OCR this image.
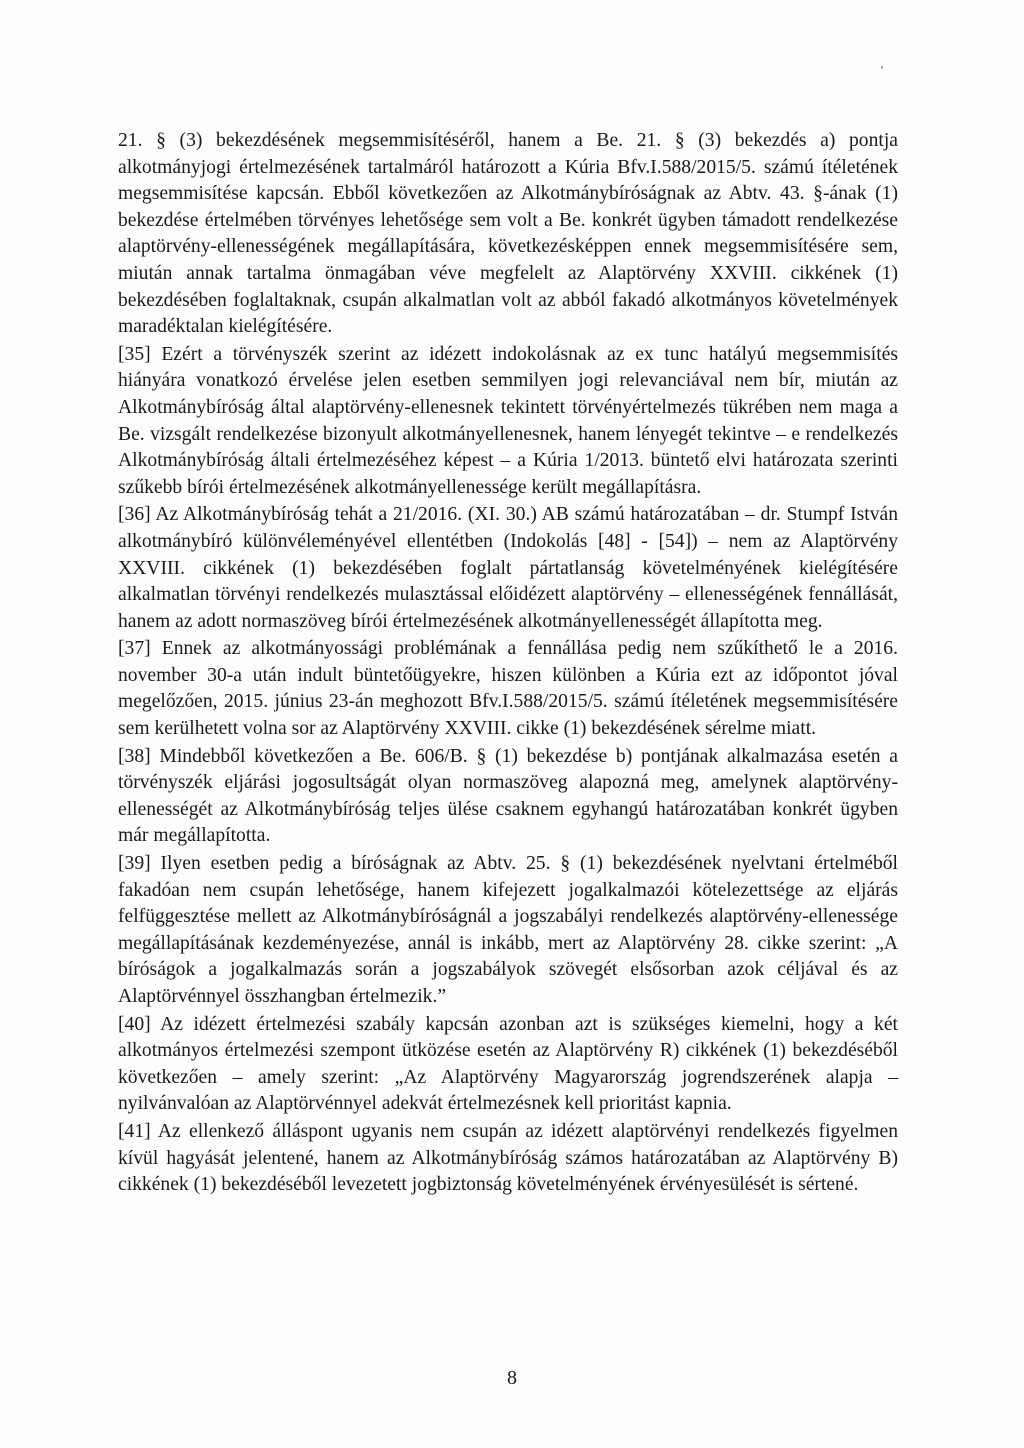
21. § (3) bekezdésének megsemmisítéséről, hanem a Be. 21. § (3) bekezdés a) pontja alkotmányjogi értelmezésének tartalmáról határozott a Kúria Bfv.I.588/2015/5. számú ítéletének megsemmisítése kapcsán. Ebből következően az Alkotmánybíróságnak az Abtv. 43. §-ának (1) bekezdése értelmében törvényes lehetősége sem volt a Be. konkrét ügyben támadott rendelkezése alaptörvény-ellenességének megállapítására, következésképpen ennek megsemmisítésére sem, miután annak tartalma önmagában véve megfelelt az Alaptörvény XXVIII. cikkének (1) bekezdésében foglaltaknak, csupán alkalmatlan volt az abból fakadó alkotmányos követelmények maradéktalan kielégítésére.

[35] Ezért a törvényszék szerint az idézett indokolásnak az ex tunc hatályú megsemmisítés hiányára vonatkozó érvelése jelen esetben semmilyen jogi relevanciával nem bír, miután az Alkotmánybíróság által alaptörvény-ellenesnek tekintett törvényértelmezés tükrében nem maga a Be. vizsgált rendelkezése bizonyult alkotmányellenesnek, hanem lényegét tekintve – e rendelkezés Alkotmánybíróság általi értelmezéséhez képest – a Kúria 1/2013. büntető elvi határozata szerinti szűkebb bírói értelmezésének alkotmányellenessége került megállapításra.

[36] Az Alkotmánybíróság tehát a 21/2016. (XI. 30.) AB számú határozatában – dr. Stumpf István alkotmánybíró különvéleményével ellentétben (Indokolás [48] - [54]) – nem az Alaptörvény XXVIII. cikkének (1) bekezdésében foglalt pártatlanság követelményének kielégítésére alkalmatlan törvényi rendelkezés mulasztással előidézett alaptörvény – ellenességének fennállását, hanem az adott normaszöveg bírói értelmezésének alkotmányellenességét állapította meg.

[37] Ennek az alkotmányossági problémának a fennállása pedig nem szűkíthető le a 2016. november 30-a után indult büntetőügyekre, hiszen különben a Kúria ezt az időpontot jóval megelőzően, 2015. június 23-án meghozott Bfv.I.588/2015/5. számú ítéletének megsemmisítésére sem kerülhetett volna sor az Alaptörvény XXVIII. cikke (1) bekezdésének sérelme miatt.

[38] Mindebből következően a Be. 606/B. § (1) bekezdése b) pontjának alkalmazása esetén a törvényszék eljárási jogosultságát olyan normaszöveg alapozná meg, amelynek alaptörvény-ellenességét az Alkotmánybíróság teljes ülése csaknem egyhangú határozatában konkrét ügyben már megállapította.

[39] Ilyen esetben pedig a bíróságnak az Abtv. 25. § (1) bekezdésének nyelvtani értelméből fakadóan nem csupán lehetősége, hanem kifejezett jogalkalmazói kötelezettsége az eljárás felfüggesztése mellett az Alkotmánybíróságnál a jogszabályi rendelkezés alaptörvény-ellenessége megállapításának kezdeményezése, annál is inkább, mert az Alaptörvény 28. cikke szerint: „A bíróságok a jogalkalmazás során a jogszabályok szövegét elsősorban azok céljával és az Alaptörvénnyel összhangban értelmezik.”

[40] Az idézett értelmezési szabály kapcsán azonban azt is szükséges kiemelni, hogy a két alkotmányos értelmezési szempont ütközése esetén az Alaptörvény R) cikkének (1) bekezdéséből következően – amely szerint: „Az Alaptörvény Magyarország jogrendszerének alapja – nyilvánvalóan az Alaptörvénnyel adekvát értelmezésnek kell prioritást kapnia.

[41] Az ellenkező álláspont ugyanis nem csupán az idézett alaptörvényi rendelkezés figyelmen kívül hagyását jelentené, hanem az Alkotmánybíróság számos határozatában az Alaptörvény B) cikkének (1) bekezdéséből levezetett jogbiztonság követelményének érvényesülését is sértené.

8
